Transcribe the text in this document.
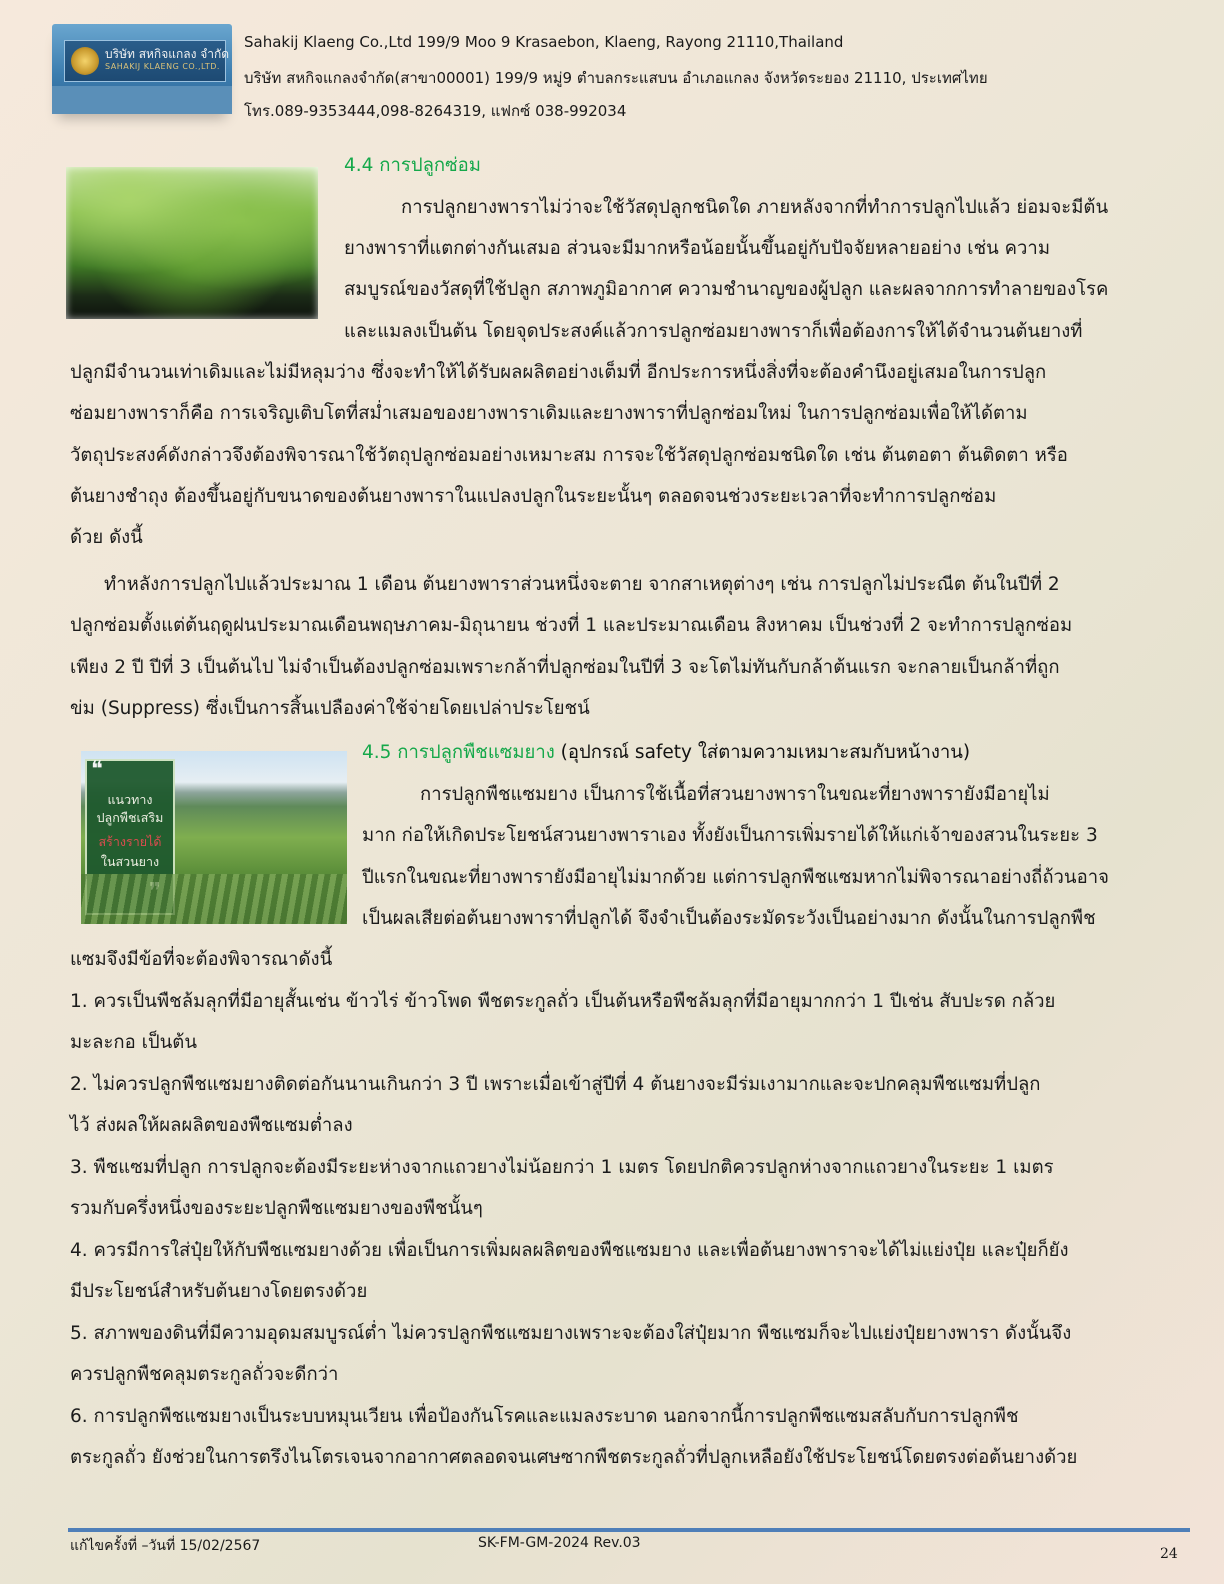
บริษัท สหกิจแกลง จำกัด
SAHAKIJ KLAENG CO.,LTD.
Sahakij Klaeng Co.,Ltd 199/9 Moo 9 Krasaebon, Klaeng, Rayong 21110,Thailand
บริษัท สหกิจแกลงจำกัด(สาขา00001) 199/9 หมู่9 ตำบลกระแสบน อำเภอแกลง จังหวัดระยอง 21110, ประเทศไทย
โทร.089-9353444,098-8264319, แฟกซ์ 038-992034
4.4 การปลูกซ่อม
การปลูกยางพาราไม่ว่าจะใช้วัสดุปลูกชนิดใด ภายหลังจากที่ทำการปลูกไปแล้ว ย่อมจะมีต้น
ยางพาราที่แตกต่างกันเสมอ ส่วนจะมีมากหรือน้อยนั้นขึ้นอยู่กับปัจจัยหลายอย่าง เช่น ความ
สมบูรณ์ของวัสดุที่ใช้ปลูก สภาพภูมิอากาศ ความชำนาญของผู้ปลูก และผลจากการทำลายของโรค
และแมลงเป็นต้น โดยจุดประสงค์แล้วการปลูกซ่อมยางพาราก็เพื่อต้องการให้ได้จำนวนต้นยางที่
ปลูกมีจำนวนเท่าเดิมและไม่มีหลุมว่าง ซึ่งจะทำให้ได้รับผลผลิตอย่างเต็มที่ อีกประการหนึ่งสิ่งที่จะต้องคำนึงอยู่เสมอในการปลูก
ซ่อมยางพาราก็คือ การเจริญเติบโตที่สม่ำเสมอของยางพาราเดิมและยางพาราที่ปลูกซ่อมใหม่ ในการปลูกซ่อมเพื่อให้ได้ตาม
วัตถุประสงค์ดังกล่าวจึงต้องพิจารณาใช้วัตถุปลูกซ่อมอย่างเหมาะสม การจะใช้วัสดุปลูกซ่อมชนิดใด เช่น ต้นตอตา ต้นติดตา หรือ
ต้นยางชำถุง ต้องขึ้นอยู่กับขนาดของต้นยางพาราในแปลงปลูกในระยะนั้นๆ ตลอดจนช่วงระยะเวลาที่จะทำการปลูกซ่อม
ด้วย ดังนี้
ทำหลังการปลูกไปแล้วประมาณ 1 เดือน ต้นยางพาราส่วนหนึ่งจะตาย จากสาเหตุต่างๆ เช่น การปลูกไม่ประณีต ต้นในปีที่ 2
ปลูกซ่อมตั้งแต่ต้นฤดูฝนประมาณเดือนพฤษภาคม-มิถุนายน ช่วงที่ 1 และประมาณเดือน สิงหาคม เป็นช่วงที่ 2 จะทำการปลูกซ่อม
เพียง 2 ปี ปีที่ 3 เป็นต้นไป ไม่จำเป็นต้องปลูกซ่อมเพราะกล้าที่ปลูกซ่อมในปีที่ 3 จะโตไม่ทันกับกล้าต้นแรก จะกลายเป็นกล้าที่ถูก
ข่ม (Suppress) ซึ่งเป็นการสิ้นเปลืองค่าใช้จ่ายโดยเปล่าประโยชน์
❝
แนวทาง
ปลูกพืชเสริม
สร้างรายได้
ในสวนยาง
4.5 การปลูกพืชแซมยาง (อุปกรณ์ safety ใส่ตามความเหมาะสมกับหน้างาน)
การปลูกพืชแซมยาง เป็นการใช้เนื้อที่สวนยางพาราในขณะที่ยางพารายังมีอายุไม่
มาก ก่อให้เกิดประโยชน์สวนยางพาราเอง ทั้งยังเป็นการเพิ่มรายได้ให้แก่เจ้าของสวนในระยะ 3
ปีแรกในขณะที่ยางพารายังมีอายุไม่มากด้วย แต่การปลูกพืชแซมหากไม่พิจารณาอย่างถี่ถ้วนอาจ
เป็นผลเสียต่อต้นยางพาราที่ปลูกได้ จึงจำเป็นต้องระมัดระวังเป็นอย่างมาก ดังนั้นในการปลูกพืช
แซมจึงมีข้อที่จะต้องพิจารณาดังนี้
1. ควรเป็นพืชล้มลุกที่มีอายุสั้นเช่น ข้าวไร่ ข้าวโพด พืชตระกูลถั่ว เป็นต้นหรือพืชล้มลุกที่มีอายุมากกว่า 1 ปีเช่น สับปะรด กล้วย
มะละกอ เป็นต้น
2. ไม่ควรปลูกพืชแซมยางติดต่อกันนานเกินกว่า 3 ปี เพราะเมื่อเข้าสู่ปีที่ 4 ต้นยางจะมีร่มเงามากและจะปกคลุมพืชแซมที่ปลูก
ไว้ ส่งผลให้ผลผลิตของพืชแซมต่ำลง
3. พืชแซมที่ปลูก การปลูกจะต้องมีระยะห่างจากแถวยางไม่น้อยกว่า 1 เมตร โดยปกติควรปลูกห่างจากแถวยางในระยะ 1 เมตร
รวมกับครึ่งหนึ่งของระยะปลูกพืชแซมยางของพืชนั้นๆ
4. ควรมีการใส่ปุ๋ยให้กับพืชแซมยางด้วย เพื่อเป็นการเพิ่มผลผลิตของพืชแซมยาง และเพื่อต้นยางพาราจะได้ไม่แย่งปุ๋ย และปุ๋ยก็ยัง
มีประโยชน์สำหรับต้นยางโดยตรงด้วย
5. สภาพของดินที่มีความอุดมสมบูรณ์ต่ำ ไม่ควรปลูกพืชแซมยางเพราะจะต้องใส่ปุ๋ยมาก พืชแซมก็จะไปแย่งปุ๋ยยางพารา ดังนั้นจึง
ควรปลูกพืชคลุมตระกูลถั่วจะดีกว่า
6. การปลูกพืชแซมยางเป็นระบบหมุนเวียน เพื่อป้องกันโรคและแมลงระบาด นอกจากนี้การปลูกพืชแซมสลับกับการปลูกพืช
ตระกูลถั่ว ยังช่วยในการตรึงไนโตรเจนจากอากาศตลอดจนเศษซากพืชตระกูลถั่วที่ปลูกเหลือยังใช้ประโยชน์โดยตรงต่อต้นยางด้วย
แก้ไขครั้งที่ –วันที่ 15/02/2567	SK-FM-GM-2024 Rev.03
24
